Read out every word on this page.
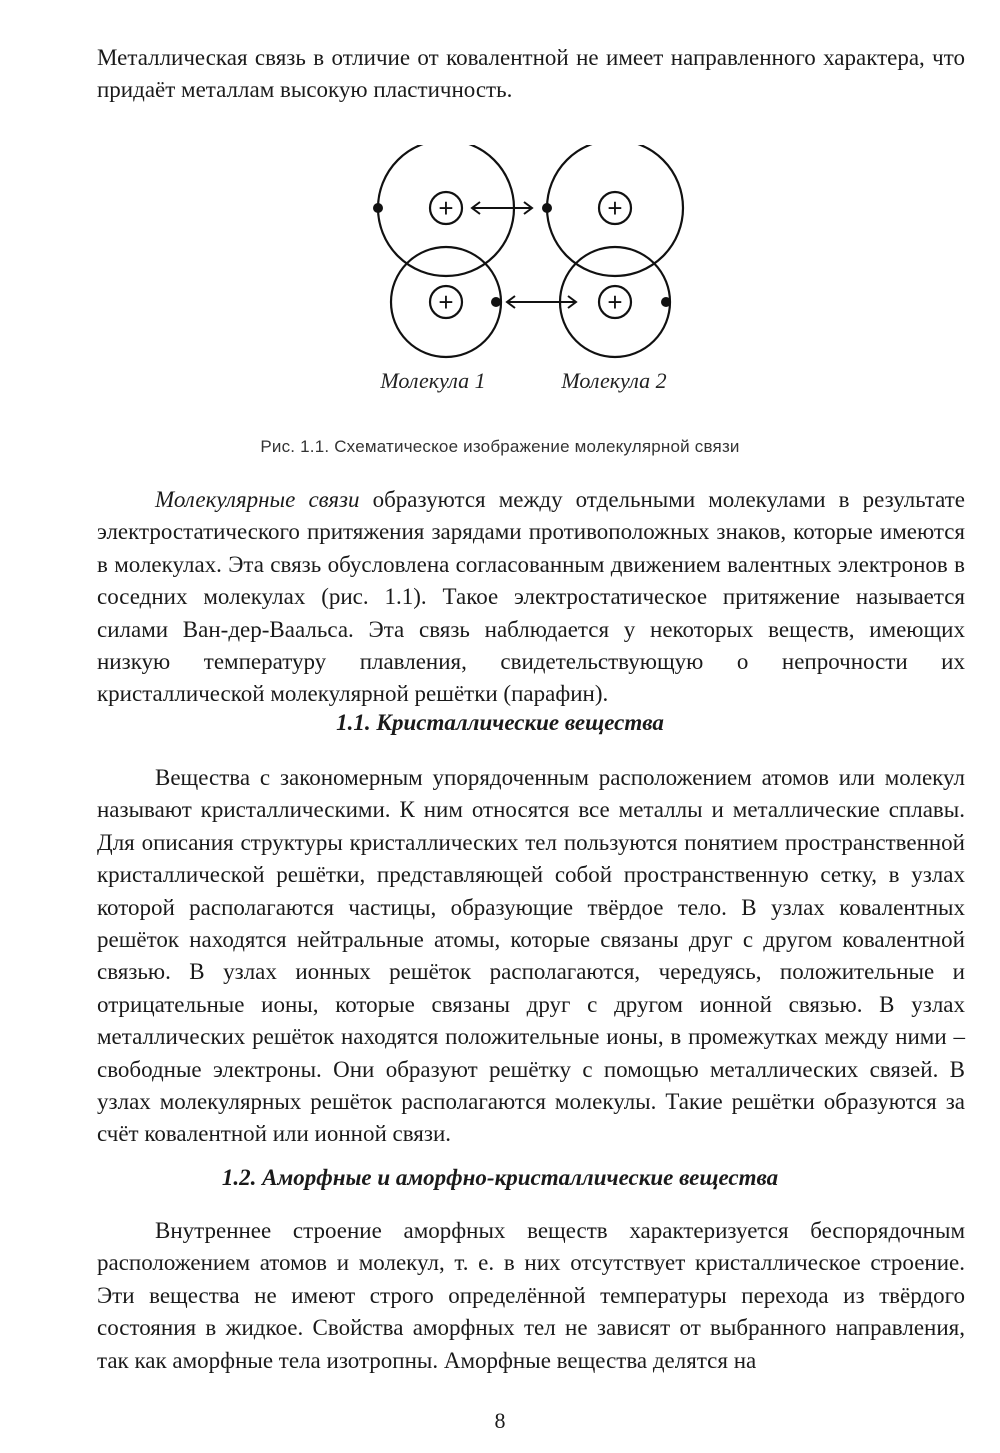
Металлическая связь в отличие от ковалентной не имеет направленного характера, что придаёт металлам высокую пластичность.

+
+
+
+
Молекула 1	Молекула 2
Рис. 1.1. Схематическое изображение молекулярной связи

Молекулярные связи образуются между отдельными молекулами в результате электростатического притяжения зарядами противоположных знаков, которые имеются в молекулах. Эта связь обусловлена согласованным движением валентных электронов в соседних молекулах (рис. 1.1). Такое электростатическое притяжение называется силами Ван-дер-Ваальса. Эта связь наблюдается у некоторых веществ, имеющих низкую температуру плавления, свидетельствующую о непрочности их кристаллической молекулярной решётки (парафин).

1.1. Кристаллические вещества

Вещества с закономерным упорядоченным расположением атомов или молекул называют кристаллическими. К ним относятся все металлы и металлические сплавы. Для описания структуры кристаллических тел пользуются понятием пространственной кристаллической решётки, представляющей собой пространственную сетку, в узлах которой располагаются частицы, образующие твёрдое тело. В узлах ковалентных решёток находятся нейтральные атомы, которые связаны друг с другом ковалентной связью. В узлах ионных решёток располагаются, чередуясь, положительные и отрицательные ионы, которые связаны друг с другом ионной связью. В узлах металлических решёток находятся положительные ионы, в промежутках между ними – свободные электроны. Они образуют решётку с помощью металлических связей. В узлах молекулярных решёток располагаются молекулы. Такие решётки образуются за счёт ковалентной или ионной связи.

1.2. Аморфные и аморфно-кристаллические вещества

Внутреннее строение аморфных веществ характеризуется беспорядочным расположением атомов и молекул, т. е. в них отсутствует кристаллическое строение. Эти вещества не имеют строго определённой температуры перехода из твёрдого состояния в жидкое. Свойства аморфных тел не зависят от выбранного направления, так как аморфные тела изотропны. Аморфные вещества делятся на

8
